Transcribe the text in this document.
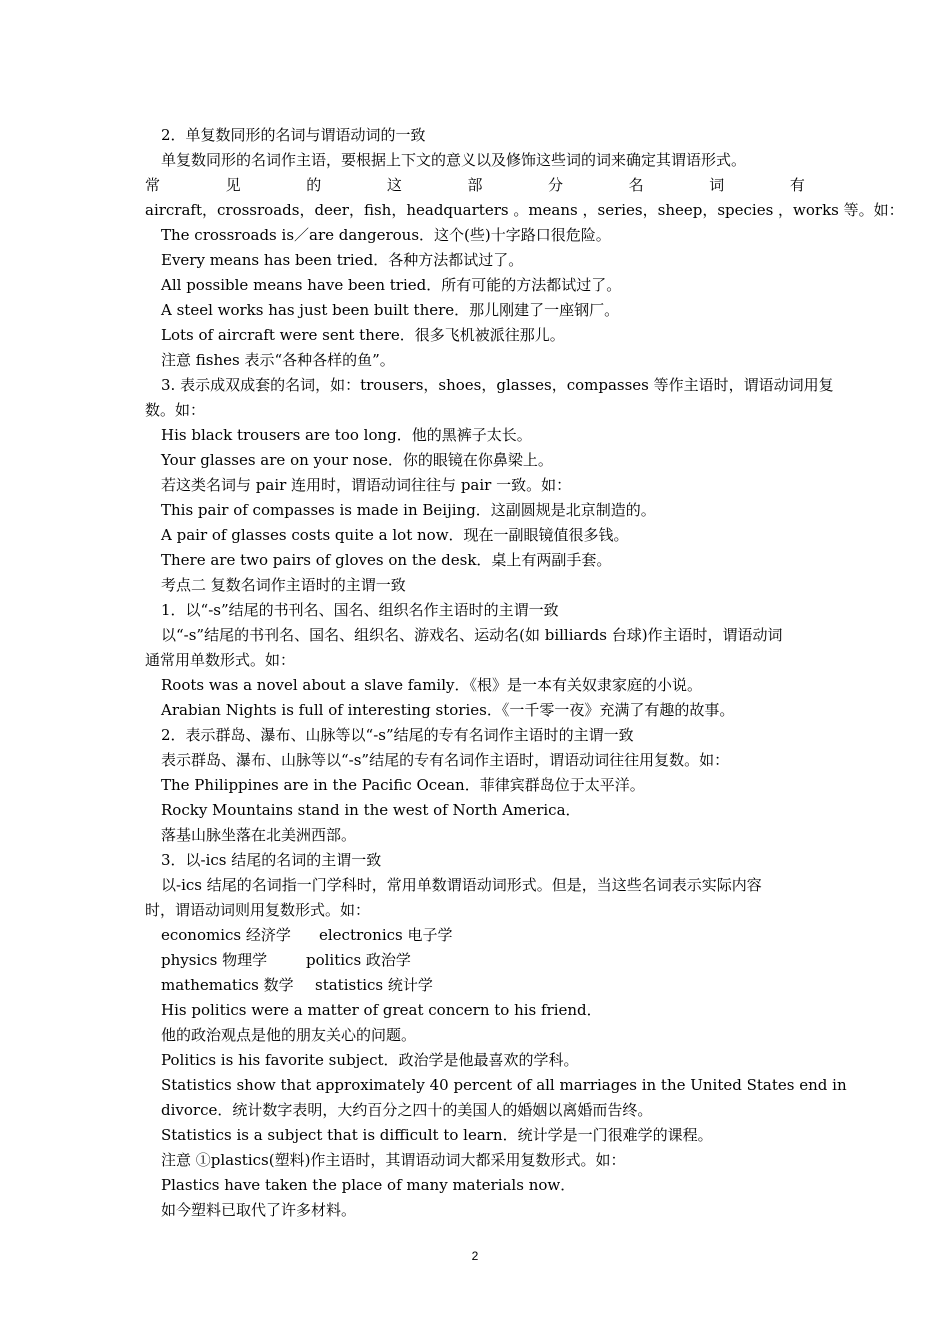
2．单复数同形的名词与谓语动词的一致
单复数同形的名词作主语，要根据上下文的意义以及修饰这些词的词来确定其谓语形式。
常	见	的	这	部	分	名	词	有
aircraft，crossroads，deer，fish，headquarters 。means ，series，sheep，species ，works 等。如：
The crossroads is／are dangerous．这个(些)十字路口很危险。
Every means has been tried．各种方法都试过了。
All possible means have been tried．所有可能的方法都试过了。
A steel works has just been built there．那儿刚建了一座钢厂。
Lots of aircraft were sent there．很多飞机被派往那儿。
注意 fishes 表示“各种各样的鱼”。
3. 表示成双成套的名词，如：trousers，shoes，glasses，compasses 等作主语时，谓语动词用复
数。如：
His black trousers are too long．他的黑裤子太长。
Your glasses are on your nose．你的眼镜在你鼻梁上。
若这类名词与 pair 连用时，谓语动词往往与 pair 一致。如：
This pair of compasses is made in Beijing．这副圆规是北京制造的。
A pair of glasses costs quite a lot now．现在一副眼镜值很多钱。
There are two pairs of gloves on the desk．桌上有两副手套。
考点二 复数名词作主语时的主谓一致
1．以“-s”结尾的书刊名、国名、组织名作主语时的主谓一致
以“-s”结尾的书刊名、国名、组织名、游戏名、运动名(如 billiards 台球)作主语时，谓语动词
通常用单数形式。如：
Roots was a novel about a slave family．《根》是一本有关奴隶家庭的小说。
Arabian Nights is full of interesting stories．《一千零一夜》充满了有趣的故事。
2．表示群岛、瀑布、山脉等以“-s”结尾的专有名词作主语时的主谓一致
表示群岛、瀑布、山脉等以“-s”结尾的专有名词作主语时，谓语动词往往用复数。如：
The Philippines are in the Pacific Ocean．菲律宾群岛位于太平洋。
Rocky Mountains stand in the west of North America．
落基山脉坐落在北美洲西部。
3．以-ics 结尾的名词的主谓一致
以-ics 结尾的名词指一门学科时，常用单数谓语动词形式。但是，当这些名词表示实际内容
时，谓语动词则用复数形式。如：
economics 经济学 electronics 电子学
physics 物理学	politics 政治学
mathematics 数学 statistics 统计学
His politics were a matter of great concern to his friend．
他的政治观点是他的朋友关心的问题。
Politics is his favorite subject．政治学是他最喜欢的学科。
Statistics show that approximately 40 percent of all marriages in the United States end in
divorce．统计数字表明，大约百分之四十的美国人的婚姻以离婚而告终。
Statistics is a subject that is difficult to learn．统计学是一门很难学的课程。
注意 ①plastics(塑料)作主语时，其谓语动词大都采用复数形式。如：
Plastics have taken the place of many materials now．
如今塑料已取代了许多材料。
2
